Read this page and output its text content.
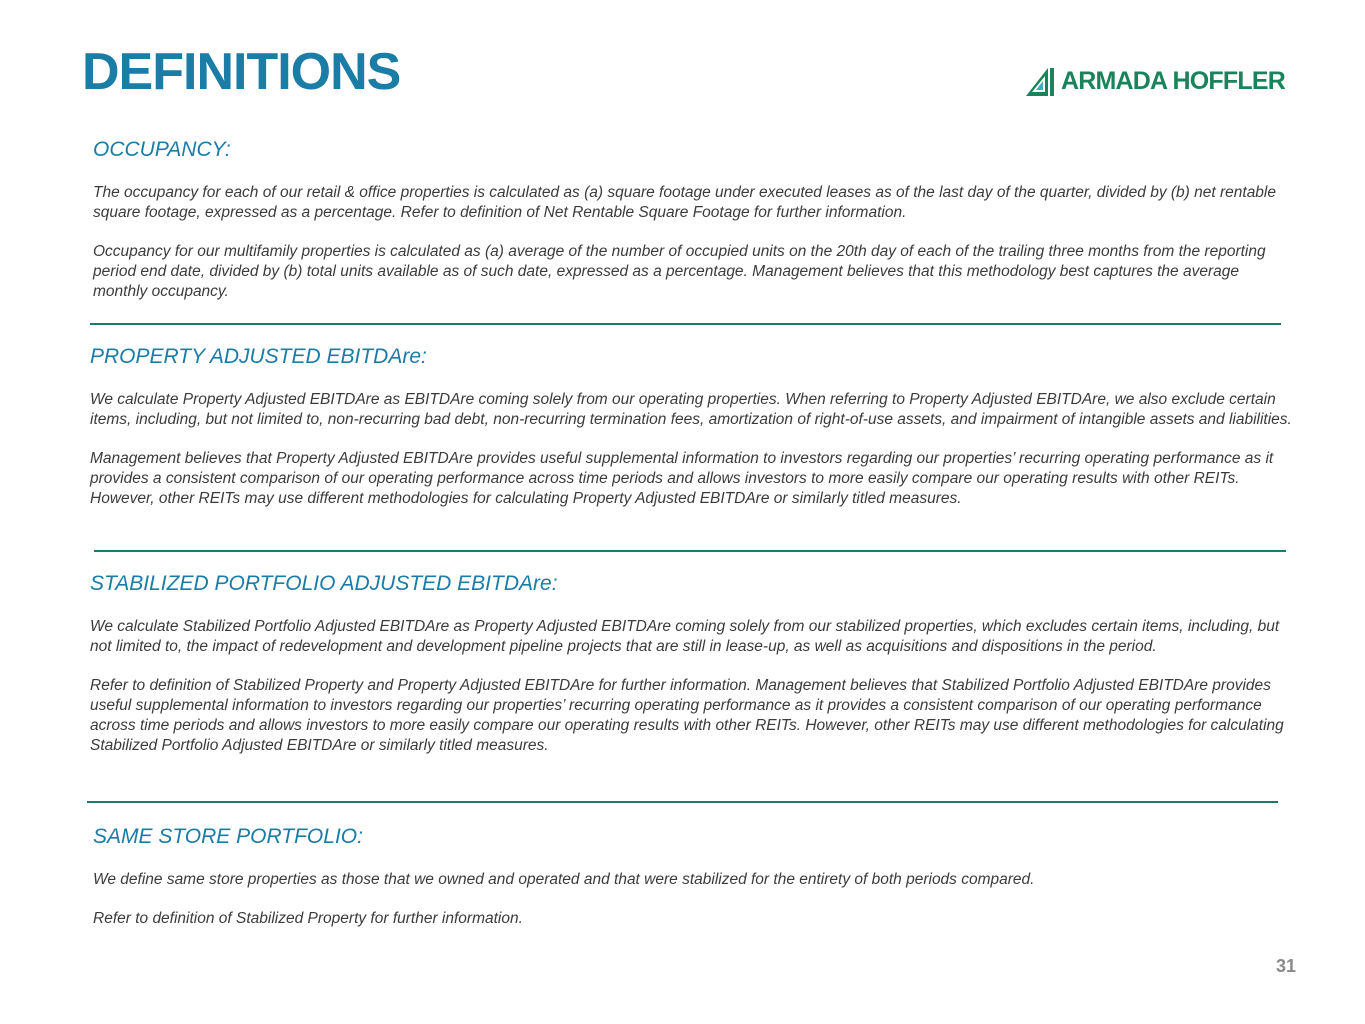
DEFINITIONS	ARMADA HOFFLER
OCCUPANCY:

The occupancy for each of our retail & office properties is calculated as (a) square footage under executed leases as of the last day of the quarter, divided by (b) net rentable square footage, expressed as a percentage. Refer to definition of Net Rentable Square Footage for further information.

Occupancy for our multifamily properties is calculated as (a) average of the number of occupied units on the 20th day of each of the trailing three months from the reporting period end date, divided by (b) total units available as of such date, expressed as a percentage. Management believes that this methodology best captures the average monthly occupancy.

PROPERTY ADJUSTED EBITDAre:

We calculate Property Adjusted EBITDAre as EBITDAre coming solely from our operating properties. When referring to Property Adjusted EBITDAre, we also exclude certain items, including, but not limited to, non-recurring bad debt, non-recurring termination fees, amortization of right-of-use assets, and impairment of intangible assets and liabilities.

Management believes that Property Adjusted EBITDAre provides useful supplemental information to investors regarding our properties’ recurring operating performance as it provides a consistent comparison of our operating performance across time periods and allows investors to more easily compare our operating results with other REITs. However, other REITs may use different methodologies for calculating Property Adjusted EBITDAre or similarly titled measures.

STABILIZED PORTFOLIO ADJUSTED EBITDAre:

We calculate Stabilized Portfolio Adjusted EBITDAre as Property Adjusted EBITDAre coming solely from our stabilized properties, which excludes certain items, including, but not limited to, the impact of redevelopment and development pipeline projects that are still in lease-up, as well as acquisitions and dispositions in the period.

Refer to definition of Stabilized Property and Property Adjusted EBITDAre for further information. Management believes that Stabilized Portfolio Adjusted EBITDAre provides useful supplemental information to investors regarding our properties’ recurring operating performance as it provides a consistent comparison of our operating performance across time periods and allows investors to more easily compare our operating results with other REITs. However, other REITs may use different methodologies for calculating Stabilized Portfolio Adjusted EBITDAre or similarly titled measures.

SAME STORE PORTFOLIO:

We define same store properties as those that we owned and operated and that were stabilized for the entirety of both periods compared.

Refer to definition of Stabilized Property for further information.

31
